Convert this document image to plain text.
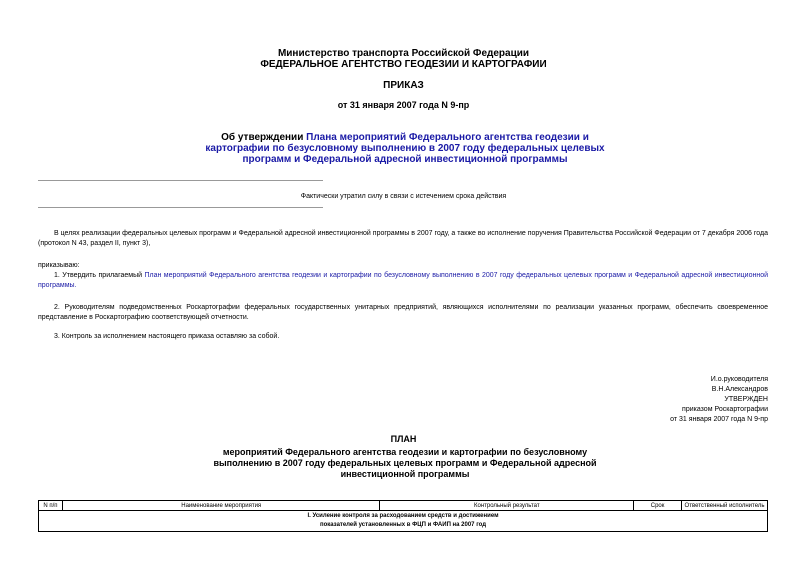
Министерство транспорта Российской Федерации
ФЕДЕРАЛЬНОЕ АГЕНТСТВО ГЕОДЕЗИИ И КАРТОГРАФИИ
ПРИКАЗ
от 31 января 2007 года N 9-пр
Об утверждении Плана мероприятий Федерального агентства геодезии и картографии по безусловному выполнению в 2007 году федеральных целевых программ и Федеральной адресной инвестиционной программы
Фактически утратил силу в связи с истечением срока действия
В целях реализации федеральных целевых программ и Федеральной адресной инвестиционной программы в 2007 году, а также во исполнение поручения Правительства Российской Федерации от 7 декабря 2006 года (протокол N 43, раздел II, пункт 3),
приказываю:
1. Утвердить прилагаемый План мероприятий Федерального агентства геодезии и картографии по безусловному выполнению в 2007 году федеральных целевых программ и Федеральной адресной инвестиционной программы.
2. Руководителям подведомственных Роскартографии федеральных государственных унитарных предприятий, являющихся исполнителями по реализации указанных программ, обеспечить своевременное представление в Роскартографию соответствующей отчетности.
3. Контроль за исполнением настоящего приказа оставляю за собой.
И.о.руководителя
В.Н.Александров
УТВЕРЖДЕН
приказом Роскартографии
от 31 января 2007 года N 9-пр
ПЛАН
мероприятий Федерального агентства геодезии и картографии по безусловному выполнению в 2007 году федеральных целевых программ и Федеральной адресной инвестиционной программы
N п/п	Наименование мероприятия	Контрольный результат	Срок	Ответственный исполнитель

I. Усиление контроля за расходованием средств и достижением
показателей установленных в ФЦП и ФАИП на 2007 год
